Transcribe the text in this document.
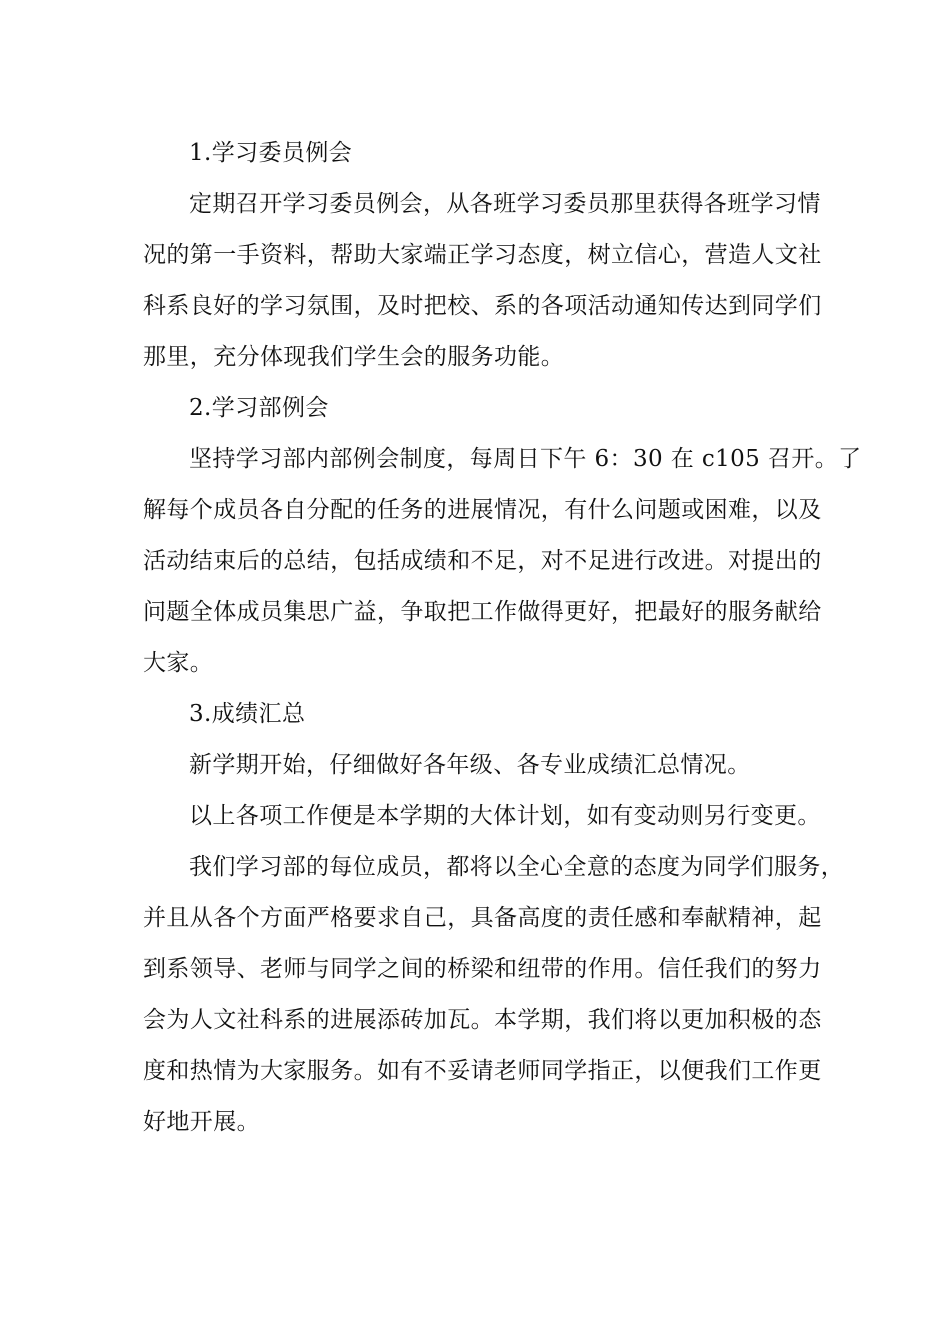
1.学习委员例会
定期召开学习委员例会，从各班学习委员那里获得各班学习情
况的第一手资料，帮助大家端正学习态度，树立信心，营造人文社
科系良好的学习氛围，及时把校、系的各项活动通知传达到同学们
那里，充分体现我们学生会的服务功能。
2.学习部例会
坚持学习部内部例会制度，每周日下午 6：30 在 c105 召开。了
解每个成员各自分配的任务的进展情况，有什么问题或困难，以及
活动结束后的总结，包括成绩和不足，对不足进行改进。对提出的
问题全体成员集思广益，争取把工作做得更好，把最好的服务献给
大家。
3.成绩汇总
新学期开始，仔细做好各年级、各专业成绩汇总情况。
以上各项工作便是本学期的大体计划，如有变动则另行变更。
我们学习部的每位成员，都将以全心全意的态度为同学们服务，
并且从各个方面严格要求自己，具备高度的责任感和奉献精神，起
到系领导、老师与同学之间的桥梁和纽带的作用。信任我们的努力
会为人文社科系的进展添砖加瓦。本学期，我们将以更加积极的态
度和热情为大家服务。如有不妥请老师同学指正，以便我们工作更
好地开展。
